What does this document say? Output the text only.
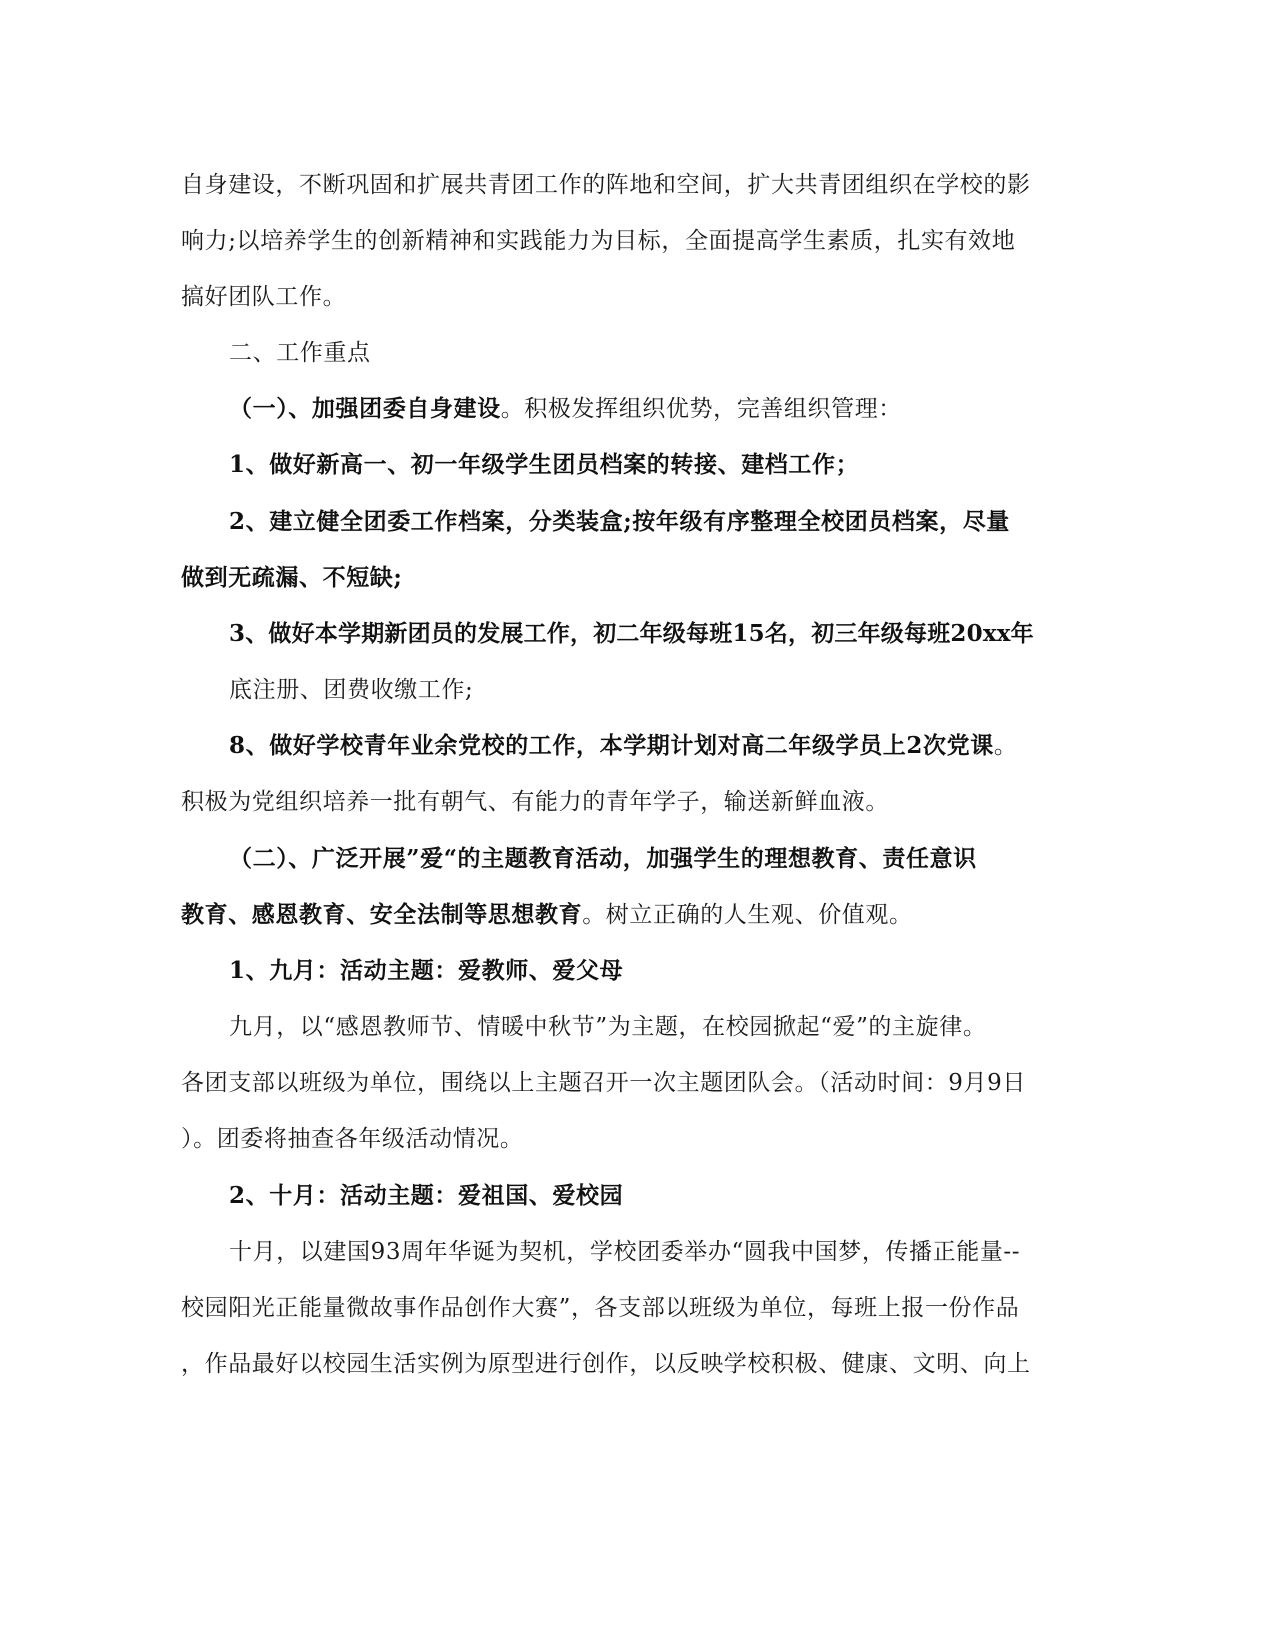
自身建设，不断巩固和扩展共青团工作的阵地和空间，扩大共青团组织在学校的影
响力;以培养学生的创新精神和实践能力为目标，全面提高学生素质，扎实有效地
搞好团队工作。
二、工作重点
（一）、加强团委自身建设。积极发挥组织优势，完善组织管理：
1、做好新高一、初一年级学生团员档案的转接、建档工作；
2、建立健全团委工作档案，分类装盒;按年级有序整理全校团员档案，尽量
做到无疏漏、不短缺;
3、做好本学期新团员的发展工作，初二年级每班15名，初三年级每班20xx年
底注册、团费收缴工作;
8、做好学校青年业余党校的工作，本学期计划对高二年级学员上2次党课。
积极为党组织培养一批有朝气、有能力的青年学子，输送新鲜血液。
（二）、广泛开展”爱“的主题教育活动，加强学生的理想教育、责任意识
教育、感恩教育、安全法制等思想教育。树立正确的人生观、价值观。
1、九月：活动主题：爱教师、爱父母
九月，以“感恩教师节、情暖中秋节”为主题，在校园掀起“爱”的主旋律。
各团支部以班级为单位，围绕以上主题召开一次主题团队会。（活动时间：9月9日
）。团委将抽查各年级活动情况。
2、十月：活动主题：爱祖国、爱校园
十月，以建国93周年华诞为契机，学校团委举办“圆我中国梦，传播正能量--
校园阳光正能量微故事作品创作大赛”，各支部以班级为单位，每班上报一份作品
，作品最好以校园生活实例为原型进行创作，以反映学校积极、健康、文明、向上
